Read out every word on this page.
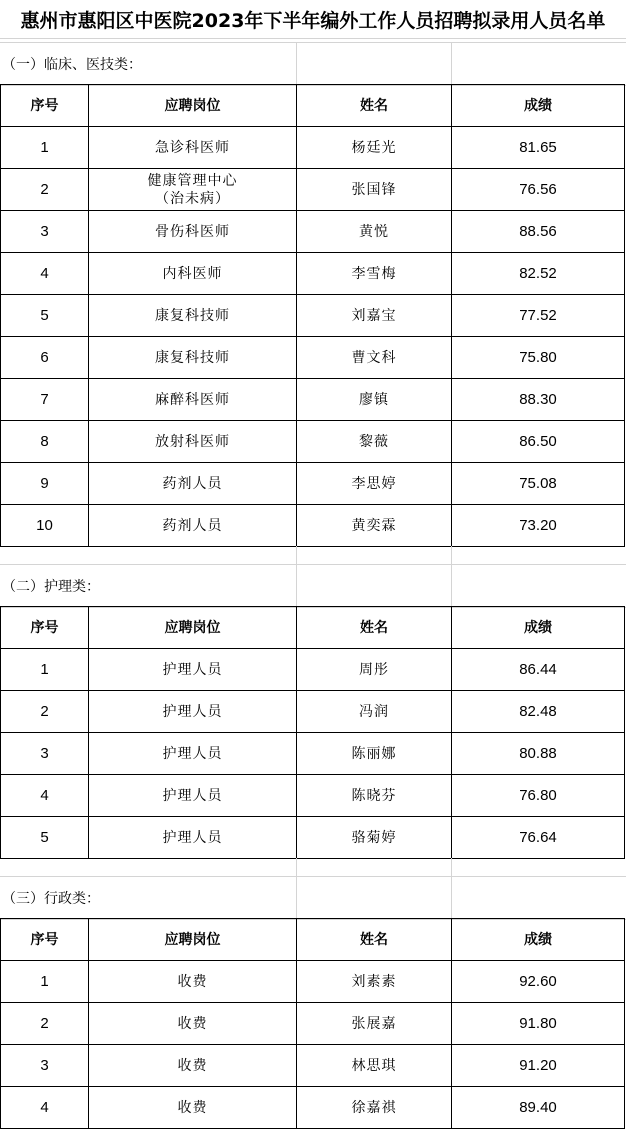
惠州市惠阳区中医院2023年下半年编外工作人员招聘拟录用人员名单
（一）临床、医技类：
序号	应聘岗位	姓名	成绩
1	急诊科医师	杨廷光	81.65
2	健康管理中心
（治未病）	张国锋	76.56
3	骨伤科医师	黄悦	88.56
4	内科医师	李雪梅	82.52
5	康复科技师	刘嘉宝	77.52
6	康复科技师	曹文科	75.80
7	麻醉科医师	廖镇	88.30
8	放射科医师	黎薇	86.50
9	药剂人员	李思婷	75.08
10	药剂人员	黄奕霖	73.20
（二）护理类：
序号	应聘岗位	姓名	成绩
1	护理人员	周彤	86.44
2	护理人员	冯润	82.48
3	护理人员	陈丽娜	80.88
4	护理人员	陈晓芬	76.80
5	护理人员	骆菊婷	76.64
（三）行政类：
序号	应聘岗位	姓名	成绩
1	收费	刘素素	92.60
2	收费	张展嘉	91.80
3	收费	林思琪	91.20
4	收费	徐嘉祺	89.40
